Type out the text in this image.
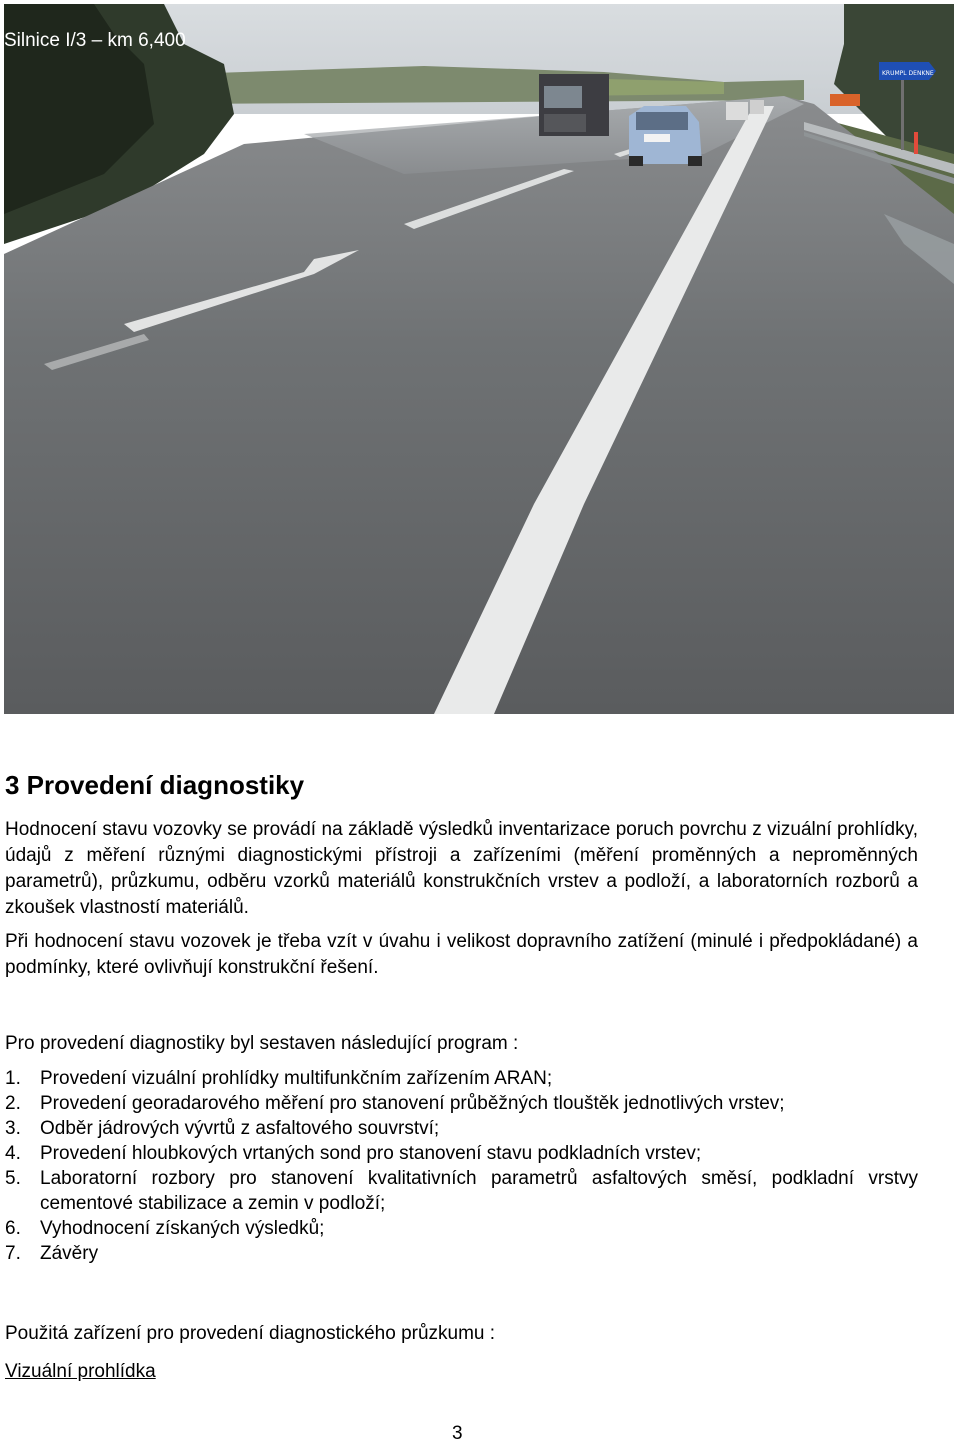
KRUMPL DENKNE
Silnice I/3 – km 6,400
3 Provedení diagnostiky
Hodnocení stavu vozovky se provádí na základě výsledků inventarizace poruch povrchu z vizuální prohlídky, údajů z měření různými diagnostickými přístroji a zařízeními (měření proměnných a neproměnných parametrů), průzkumu, odběru vzorků materiálů konstrukčních vrstev a podloží, a laboratorních rozborů a zkoušek vlastností materiálů.
Při hodnocení stavu vozovek je třeba vzít v úvahu i velikost dopravního zatížení (minulé i předpokládané) a podmínky, které ovlivňují konstrukční řešení.
Pro provedení diagnostiky byl sestaven následující program :
1.	Provedení vizuální prohlídky multifunkčním zařízením ARAN;
2.	Provedení georadarového měření pro stanovení průběžných tlouštěk jednotlivých vrstev;
3.	Odběr jádrových vývrtů z asfaltového souvrství;
4.	Provedení hloubkových vrtaných sond pro stanovení stavu podkladních vrstev;
5.	Laboratorní rozbory pro stanovení kvalitativních parametrů asfaltových směsí, podkladní vrstvy cementové stabilizace a zemin v podloží;
6.	Vyhodnocení získaných výsledků;
7.	Závěry
Použitá zařízení pro provedení diagnostického průzkumu :
Vizuální prohlídka
3
